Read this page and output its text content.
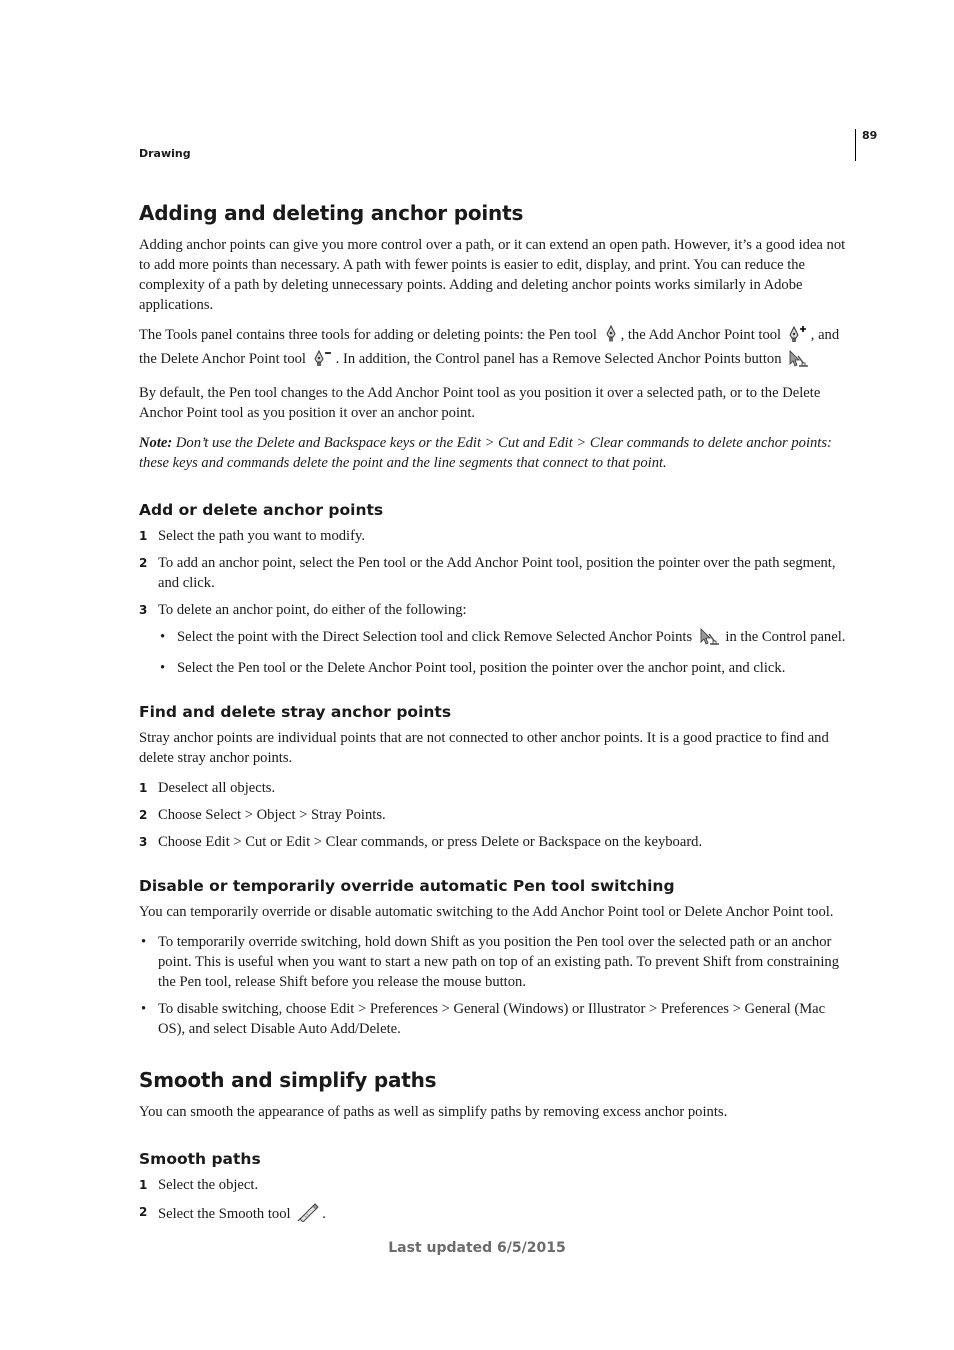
Drawing
89
Adding and deleting anchor points

Adding anchor points can give you more control over a path, or it can extend an open path. However, it’s a good idea not to add more points than necessary. A path with fewer points is easier to edit, display, and print. You can reduce the complexity of a path by deleting unnecessary points. Adding and deleting anchor points works similarly in Adobe applications.

The Tools panel contains three tools for adding or deleting points: the Pen tool , the Add Anchor Point tool , and the Delete Anchor Point tool . In addition, the Control panel has a Remove Selected Anchor Points button

By default, the Pen tool changes to the Add Anchor Point tool as you position it over a selected path, or to the Delete Anchor Point tool as you position it over an anchor point.

Note: Don’t use the Delete and Backspace keys or the Edit > Cut and Edit > Clear commands to delete anchor points: these keys and commands delete the point and the line segments that connect to that point.

Add or delete anchor points
1 Select the path you want to modify.
2 To add an anchor point, select the Pen tool or the Add Anchor Point tool, position the pointer over the path segment, and click.
3 To delete an anchor point, do either of the following:
• Select the point with the Direct Selection tool and click Remove Selected Anchor Points  in the Control panel.
• Select the Pen tool or the Delete Anchor Point tool, position the pointer over the anchor point, and click.
Find and delete stray anchor points

Stray anchor points are individual points that are not connected to other anchor points. It is a good practice to find and delete stray anchor points.

1 Deselect all objects.
2 Choose Select > Object > Stray Points.
3 Choose Edit > Cut or Edit > Clear commands, or press Delete or Backspace on the keyboard.
Disable or temporarily override automatic Pen tool switching

You can temporarily override or disable automatic switching to the Add Anchor Point tool or Delete Anchor Point tool.

• To temporarily override switching, hold down Shift as you position the Pen tool over the selected path or an anchor point. This is useful when you want to start a new path on top of an existing path. To prevent Shift from constraining the Pen tool, release Shift before you release the mouse button.
• To disable switching, choose Edit > Preferences > General (Windows) or Illustrator > Preferences > General (Mac OS), and select Disable Auto Add/Delete.
Smooth and simplify paths

You can smooth the appearance of paths as well as simplify paths by removing excess anchor points.

Smooth paths
1 Select the object.
2 Select the Smooth tool .
Last updated 6/5/2015
